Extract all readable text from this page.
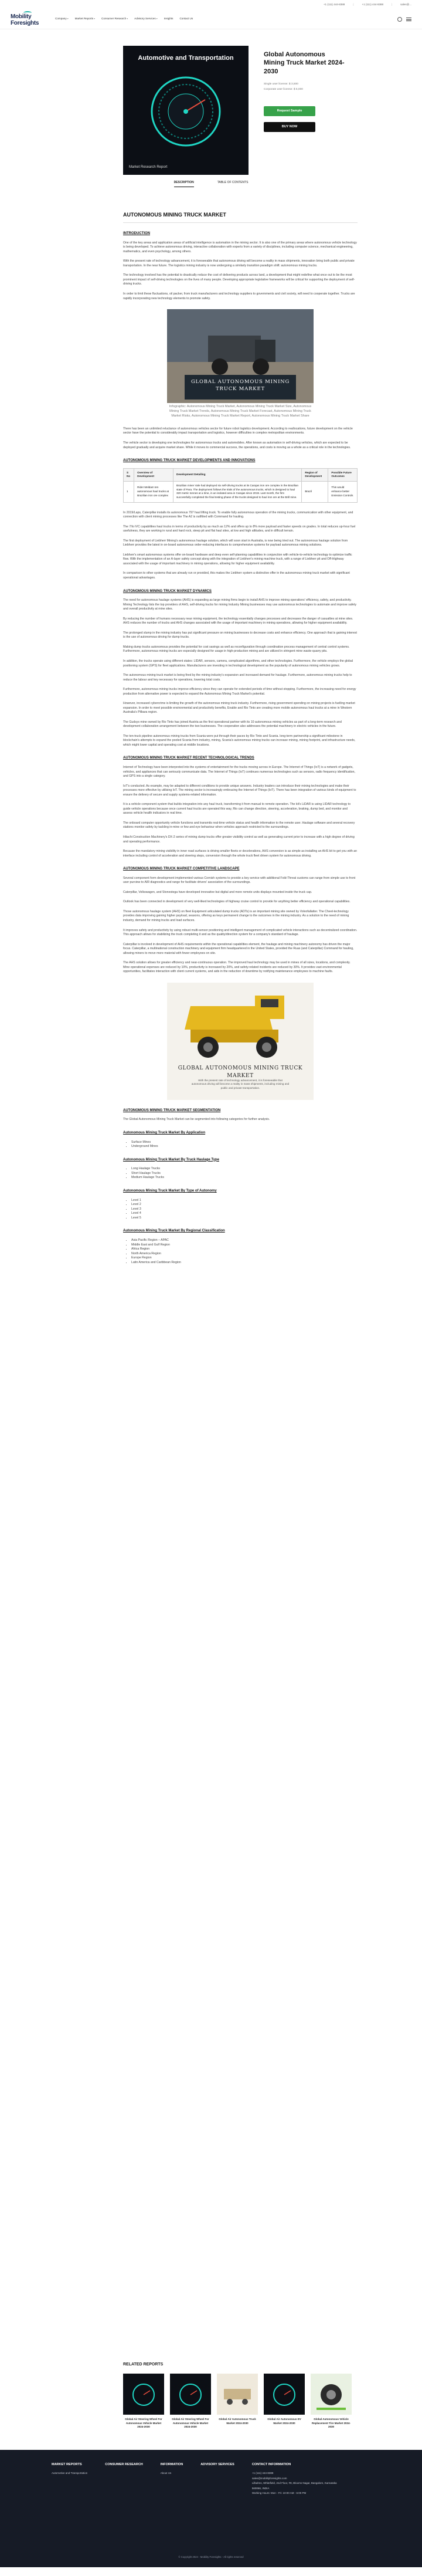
+1 (111) 444-8388	|	+1 (111) 444-8388	|	sales@...
Mobility
Foresights
Company ▾	Market Reports ▾	Consumer Research ▾	Advisory Services ▾	Insights Contact Us
Automotive and Transportation
Market Research Report
Global Autonomous Mining Truck Market 2024-2030
Single user license: $ 3,500
Corporate user license: $ 5,000
Request Sample
BUY NOW
DESCRIPTION	TABLE OF CONTENTS
AUTONOMOUS MINING TRUCK MARKET
INTRODUCTION

One of the key areas and application areas of artificial intelligence is automation in the mining sector. It is also one of the primary areas where autonomous vehicle technology is being developed. To achieve autonomous driving, interactive collaboration with experts from a variety of disciplines, including computer science, mechanical engineering, mathematics, and even psychology, among others.

With the present rate of technology advancement, it is foreseeable that autonomous driving will become a reality in mass shipments, innovation bring both public and private transportation. In the near future. The logistics mining industry is now undergoing a similarly transition paradigm shift: autonomous mining trucks.

The technology involved has the potential to drastically reduce the cost of delivering products across land, a development that might redefine what once out to be the most prominent impact of self-driving technologies on the lives of many people. Developing appropriate legislative frameworks will be critical for supporting the deployment of self-driving trucks.

In order to limit these fluctuations, oil packer, from truck manufacturers and technology suppliers to governments and civil society, will need to cooperate together. Trucks are rapidly incorporating new technology elements to promote safety.

GLOBAL AUTONOMOUS MINING TRUCK MARKET
Infographic: Autonomous Mining Truck Market, Autonomous Mining Truck Market Size, Autonomous Mining Truck Market Trends, Autonomous Mining Truck Market Forecast, Autonomous Mining Truck Market Risks, Autonomous Mining Truck Market Report, Autonomous Mining Truck Market Share

There has been an unlimited reluctance of autonomous vehicles sector for future robot logistics development. According to reallocations, future development on the vehicle sector have the potential to considerably impact transportation and logistics, however difficulties in complex metropolitan environments.

The vehicle sector is developing one technologies for autonomous trucks and automobiles. After known as automation in self-driving vehicles, which are expected to be deployed gradually and acquire market share. While it moves to commercial success, the operations, and costs is moving as a whole as a critical role in the technologies.

AUTONOMOUS MINING TRUCK MARKET DEVELOPMENTS AND INNOVATIONS
S No	Overview of Development	Development Detailing	Region of Development	Possible Future Outcomes
1	Rider Meldam ten autonomous haul trucks at Brazilian iron ore complex	Brazilian miner Vale had deployed six self-driving trucks at its Carajas iron ore complex in the Brazilian state of Para. The deployment follows the trials of the autonomous trucks, which is designed to haul 320 metric tonnes at a time, in an isolated area in Carajas since 2019. Last month, the firm successfully completed the final testing phase of the trucks designed to haul iron ore at the Brill mine.	Brazil	This would enhance better Emission Controls

In 2019/Laps, Caterpillar installs its autonomous 797 haul lifting truck. To enable fully autonomous operation of the mining trucks, communication with other equipment, and connection with client mining processes like The A2 is outfitted with Command for hauling.

The 7/lo IVC capabilities haul trucks in terms of productivity by as much as 12% and offers up to 8% more payload and faster speeds on grades. In total reduces up-hour fuel usefulness, they are working in rural and hard rock, steep pit and flat haul sites, at low and high altitudes, and in difficult terrain.

The first deployment of Liebherr Mining's autonomous haulage solution, which will soon start in Australia, is now being tried out. The autonomous haulage solution from Liebherr provides the latest in on-board autonomous order-reducing interfaces to comprehensive systems for payload autonomous mining solutions.

Liebherr's smart autonomous systems offer on-board hardware and deep even self-planning capabilities in conjunction with vehicle-to-vehicle technology to optimize traffic flow. With the implementation of an A-layer safety concept along with the integration of Liebherr's mining machine truck, with a range of Liebherr pit and Off-Highway associated with the usage of important machinery in mining operations, allowing for higher equipment availability.

In comparison to other systems that are already run or provided, this makes the Liebherr system a distinctive offer in the autonomous mining truck market with significant operational advantages.

AUTONOMOUS MINING TRUCK MARKET DYNAMICS

The need for autonomous haulage systems (AHS) is expanding as large mining firms begin to install AHS to improve mining operations' efficiency, safety, and productivity. Mining Technology lists the top providers of AHS, self-driving trucks for mining Industry Mining businesses may use autonomous technologies to automate and improve safety and overall productivity at mine sites.

By reducing the number of humans necessary near mining equipment, the technology essentially changes processes and decreases the danger of casualties at mine sites. AHS reduces the number of trucks and AHS changes associated with the usage of important machinery in mining operations, allowing for higher equipment availability.

The prolonged slump in the mining industry has put significant pressure on mining businesses to decrease costs and enhance efficiency. One approach that is gaining interest is the use of autonomous driving for dump trucks.

Making dump trucks autonomous provides the potential for cost savings as well as reconfiguration through coordination process management of central control systems. Furthermore, autonomous mining trucks are especially designed for usage in high-production mining and are utilized in stringent mine waste-quarry pits.

In addition, the trucks operate using different states: LIDAR, sensors, camera, complicated algorithms, and other technologies. Furthermore, the vehicle employs the global positioning system (GPS) for fleet applications. Manufacturers are investing in technological development as the popularity of autonomous mining vehicles grows.

The autonomous mining truck market is being fired by the mining industry's expansion and increased demand for haulage. Furthermore, autonomous mining trucks help to reduce the labour and key necessary for operations, lowering total costs.

Furthermore, autonomous mining trucks improve efficiency since they can operate for extended periods of time without stopping. Furthermore, the increasing need for energy production from alternative power is expected to expand the Autonomous Mining Truck Market's potential.

However, increased cybercrime is limiting the growth of the autonomous mining truck industry. Furthermore, rising government spending on mining projects is fuelling market expansion. In order to meet possible environmental and productivity benefits, Enable and Rio Tinto are creating more mobile autonomous haul trucks at a mine in Western Australia's Pilbara region.

The Gudsys mine owned by Rio Tinto has joined Austria as the first operational partner with its 10 autonomous mining vehicles as part of a long-term research and development collaboration arrangement between the two businesses. The cooperation also addresses the potential machinery in electric vehicles in the future.

The ten-truck pipeline autonomous mining trucks from Scania were put through their paces by Rio Tinto and Scania. long-term partnership a significant milestone in blockchain's attempts to expand the pooled Scania from industry, mining, Scania's autonomous mining trucks can increase mining, mining footprint, and infrastructure needs, which might lower capital and operating cost at middle locations.

AUTONOMOUS MINING TRUCK MARKET RECENT TECHNOLOGICAL TRENDS

Internet of Technology have been interpreted into the systems of entertainment for the trucks moving across in Europe. The Internet of Things (IoT) is a network of gadgets, vehicles, and appliances that can seriously communicate data. The Internet of Things (IoT) continues numerous technologies such as sensors, radio frequency identification, and GPS into a single category.

IoT's conducted. As example, may be adapted to different conditions to provide unique answers. Industry leaders can introduce their mining technologies and make their processes more effective by utilising IoT. The mining sector is increasingly embracing the Internet of Things (IoT). There has been integration of various kinds of equipment to ensure the delivery of secure and supply systems-related information.

It is a vehicle component system that builds integration into any haul truck, transforming it from manual to remote operation. The kit's LiDAR is using LIDAR technology to guide vehicle operations because once current haul trucks are operated this way, Rio can change direction, steering, acceleration, braking, dump bed, and monitor and assess vehicle health indicators in real time.

The onboard computer opportunity vehicle functions and transmits real-time vehicle status and health information to the remote user. Haulage software and several recovery stations monitor safety by tackling in-mine or few and eye behaviour when vehicles approach restricted to the surroundings.

Hitachi Construction Machinery's DX-2 series of mining dump trucks offer greater visibility control as well as generating current prior to increase with a high degree of driving and operating performance.

Because the mandatory mining visibility in inner road surfaces is driving smaller fleets or decelerations, AHS conversion is as simple as installing an AHS kit to get you with an interface including control of acceleration and steering steps, conversion through the whole truck fleet driven system for autonomous driving.

AUTONOMOUS MINING TRUCK MARKET COMPETITIVE LANDSCAPE

Several component form development implemented various Cornish systems to provide a key service with additional Fold-Threat customs can range from simple use to front user purview to AIR diagnostics and range for facilitate drivers' association of the surroundings.

Caterpillar, Volkswagen, and Stonestega have developed innovative but digital and more remote units displays mounted inside the truck cap.

Outlook has been connected in development of very well-liked technologies of highway cruise control to provide for anything better efficiency and operational capabilities.

Those autonomous haulage system (AHS) on fleet Equipment articulated dump trucks (ADTs) is an important mining site owned by Volvofallatter. The Cheet-technology provides data improving gaining higher payload, seasons, offering as keys permanent change to the outcomes in the mining industry. As a solution to the need of mining industry, demand for mining trucks and load surfaces.

It improves safety and productivity by using robust multi-sensor positioning and intelligent management of complicated vehicle interactions such as decentralized coordination. This approach allows for stabilizing the truck completing it and as the quality/direction system for a company's standard of haulage.

Caterpillar is involved in development of AHS requirements within the operational capabilities element, the haulage and mining machinery autonomy has driven the major focus. Caterpillar, a multinational construction machinery and equipment firm headquartered in the United States, provided the Ruas (and Caterpillar) Command for hauling, allowing miners to move more material with fewer employees on site.

The AHS solution allows for greater efficiency and near-continuous operation. The improved haul technology may be used in mines of all sizes, locations, and complexity. Mine operational expenses are reduced by 10%, productivity is increased by 20%, and safety-related incidents are reduced by 30%. It provides vast environmental opportunities, facilitates interaction with client current systems, and aids in the reduction of downtime by notifying maintenance employees to machine faults.

GLOBAL AUTONOMOUS MINING TRUCK MARKET
With the present rate of technology advancement, it is foreseeable that autonomous driving will become a reality in mass shipments, including mining and public and private transportation.
AUTONOMOUS MINING TRUCK MARKET SEGMENTATION

The Global Autonomous Mining Truck Market can be segmented into following categories for further analysis.

Autonomous Mining Truck Market By Application
• Surface Mines
• Underground Mines
Autonomous Mining Truck Market By Truck Haulage Type
• Long Haulage Trucks
• Short Haulage Trucks
• Medium Haulage Trucks
Autonomous Mining Truck Market By Type of Autonomy
• Level 1
• Level 2
• Level 3
• Level 4
• Level 5
Autonomous Mining Truck Market By Regional Classification
• Asia Pacific Region – APAC
• Middle East and Gulf Region
• Africa Region
• North America Region
• Europe Region
• Latin America and Caribbean Region
RELATED REPORTS
Global Air Steering Wheel For Autonomous Vehicle Market 2024-2030
Global Air Steering Wheel For Autonomous Vehicle Market 2024-2030
Global Air Autonomous Truck Market 2024-2030
Global Air Autonomous EV Market 2024-2030
Global Autonomous Vehicle Replacement Tire Market 2024-2030
MARKET REPORTS
Automotive and Transportation
CONSUMER RESEARCH	INFORMATION
About Us
ADVISORY SERVICES	CONTACT INFORMATION
+1 (111) 444-8388
sales@mobilityforesights.com
Lilbahns, Whitefield, 2nd Floor, #8, Blooms Nagar, Bangalore, Karnataka 560066, INDIA
Working Hours: Mon - Fri: 10:00 AM - 6:00 PM
© Copyright 2024 - Mobility Foresights - All rights reserved
